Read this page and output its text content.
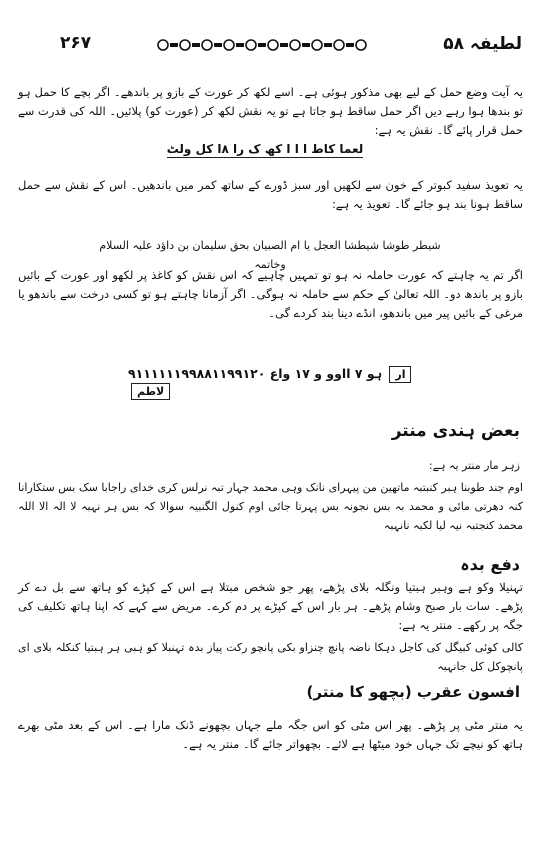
لطیفہ ۵۸
۲۶۷
یہ آیت وضع حمل کے لیے بھی مذکور ہوئی ہے۔ اسے لکھ کر عورت کے بازو پر باندھے۔ اگر بچے کا حمل ہو تو بندھا ہوا رہے دیں اگر حمل ساقط ہو جاتا ہے تو یہ نقش لکھ کر (عورت کو) پلائیں۔ اللہ کی قدرت سے حمل قرار پائے گا۔ نقش یہ ہے:
لعما کاط ا ا ا کھ ک را ۸ا کل ولٹ
یہ تعویذ سفید کبوتر کے خون سے لکھیں اور سبز ڈورے کے ساتھ کمر میں باندھیں۔ اس کے نقش سے حمل ساقط ہونا بند ہو جائے گا۔ تعویذ یہ ہے:
شیطر طوشا شیطشا العجل یا ام الصبیان بحق سلیمان بن داؤد علیہ السلام وخاتمہ
اگر تم یہ چاہتے کہ عورت حاملہ نہ ہو تو تمہیں چاہیے کہ اس نقش کو کاغذ پر لکھو اور عورت کے بائیں بازو پر باندھ دو۔ اللہ تعالیٰ کے حکم سے حاملہ نہ ہوگی۔ اگر آزمانا چاہتے ہو تو کسی درخت سے باندھو یا مرغی کے بائیں پیر میں باندھو، انڈے دینا بند کردے گی۔
۹۱۱۱۱۱۱۹۹۸۸۱۱۹۹۱۲۰ ہو ۷ ااوو و ۱۷ واع ار لاطم
بعض ہندی منتر
زہر مار منتر یہ ہے:
اوم جند طوبنا ہبر کنبتبہ ماتھین من پیہرای نانک وہی محمد جہار تبہ نرلس کری خدای راجابا سک بس ستکارانا کنہ دھرتی مائی و محمد بہ بس نجونہ بس پہرتا جائی اوم کنول الگنبیہ سوالا کہ بس ہر نہبہ لا الہ الا اللہ محمد کنجتبہ نیہ لیا لکبہ نانہبہ
دفع بدہ
تہنیلا وکو ہے وہبر ہبتیا ونگلہ بلای پڑھے، پھر جو شخص مبتلا ہے اس کے کپڑے کو ہاتھ سے بل دے کر پڑھے۔ سات بار صبح وشام پڑھے۔ ہر بار اس کے کپڑے پر دم کرے۔ مریض سے کہے کہ اپنا ہاتھ تکلیف کی جگہ پر رکھے۔ منتر یہ ہے:
کالی کوئی کبیگل کی کاجل دہکا ناضہ پانچ چنزاو بکی پانچو رکت پیاز بدہ تہنبلا کو ہبی ہر ہبتیا کنکلہ بلای ای پانچوکل کل جانہبہ
افسون عقرب (بچھو کا منتر)
یہ منتر مٹی پر پڑھے۔ پھر اس مٹی کو اس جگہ ملے جہاں بچھونے ڈنک مارا ہے۔ اس کے بعد مٹی بھرے ہاتھ کو نیچے تک جہاں خود میٹھا ہے لائے۔ بچھواتر جائے گا۔ منتر یہ ہے۔
